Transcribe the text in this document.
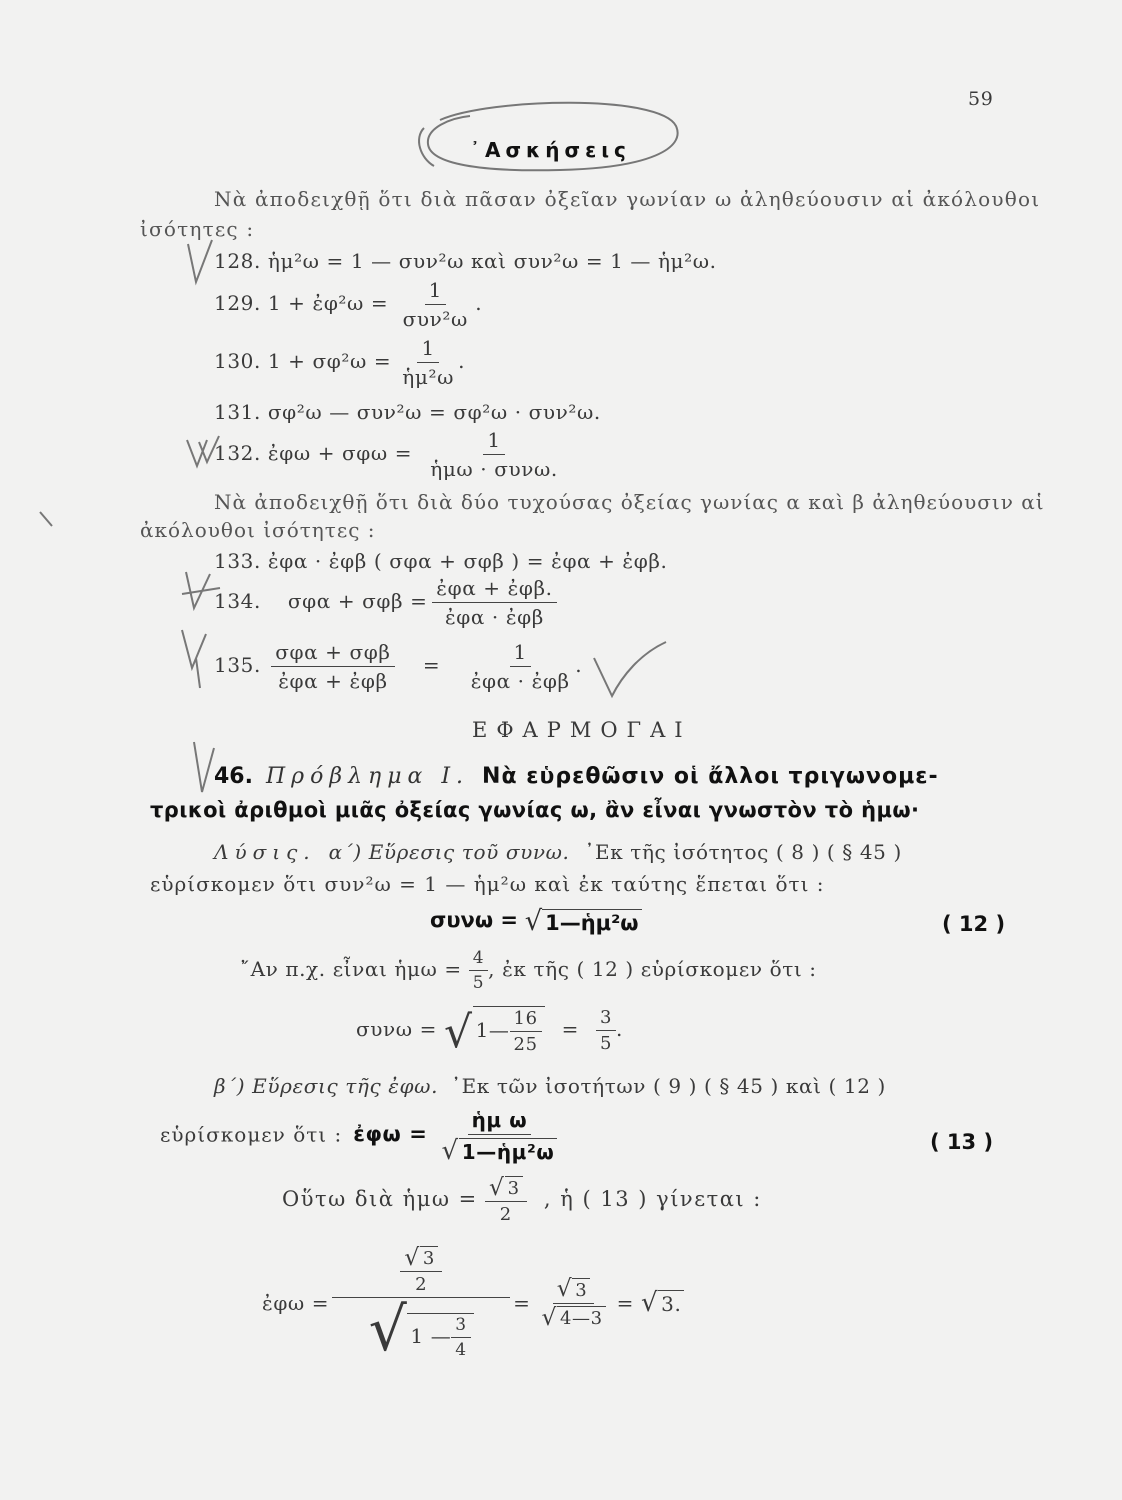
59
᾿Ασκήσεις
Νὰ ἀποδειχθῇ ὅτι διὰ πᾶσαν ὀξεῖαν γωνίαν ω ἀληθεύουσιν αἱ ἀκόλουθοι
ἰσότητες :
128. ἡμ²ω = 1 — συν²ω καὶ συν²ω = 1 — ἡμ²ω.
129. 1 + ἐφ²ω = $\frac{1}{\text{συν²ω}}$ .
130. $1 + \sigma\varphi^2\omega = \frac{1}{\text{ἡμ²ω}}$ .
131. σφ²ω — συν²ω = σφ²ω · συν²ω.
132. ἐφω + $\sigma\varphi\omega = \frac{1}{\text{ἡμω · συνω.}}$
Νὰ ἀποδειχθῇ ὅτι διὰ δύο τυχούσας ὀξείας γωνίας α καὶ β ἀληθεύουσιν αἱ
ἀκόλουθοι ἰσότητες :
133. ἐφα · ἐφβ ( σφα + σφβ ) = ἐφα + ἐφβ.
134. $\sigma\varphi\alpha + \sigma\varphi\beta = \frac{\text{ἐφα + ἐφβ.}}{\text{ἐφα · ἐφβ}}$
135. $\frac{\text{σφα + σφβ}}{\text{ἐφα + ἐφβ}} = \frac{1}{\text{ἐφα · ἐφβ}}$ .
ΕΦΑΡΜΟΓΑΙ
46. Πρόβλημα Ι. Νὰ εὑρεθῶσιν οἱ ἄλλοι τριγωνομε-
τρικοὶ ἀριθμοὶ μιᾶς ὀξείας γωνίας ω, ἂν εἶναι γνωστὸν τὸ ἡμω·
Λύσις. α΄) Εὕρεσις τοῦ συνω. ᾿Εκ τῆς ἰσότητος ( 8 ) ( § 45 )
εὑρίσκομεν ὅτι συν²ω = 1 — ἡμ²ω καὶ ἐκ ταύτης ἕπεται ὅτι :
συνω = √ 1—ἡμ²ω	( 12 )
῎Αν π.χ. εἶναι ἡμω = $\frac{4}{5}$ , ἐκ τῆς ( 12 ) εὑρίσκομεν ὅτι :
συνω = √ 1— $\frac{16}{25} = \frac{3}{5}$ .
β΄) Εὕρεσις τῆς ἐφω. ᾿Εκ τῶν ἰσοτήτων ( 9 ) ( § 45 ) καὶ ( 12 )
εὑρίσκομεν ὅτι : ἐφω = $\frac{\text{ἡμ ω}}{\text{√ 1—ἡμ²ω}}$	( 13 )
Οὕτω διὰ ἡμω = $\frac{√ 3}{2}$ , ἡ ( 13 ) γίνεται :
ἐφω = $\frac{\frac{√ 3}{2}}{√ 1 — \frac{3}{4}} = \frac{√ 3}{√ 4—3}$ = √ 3.
